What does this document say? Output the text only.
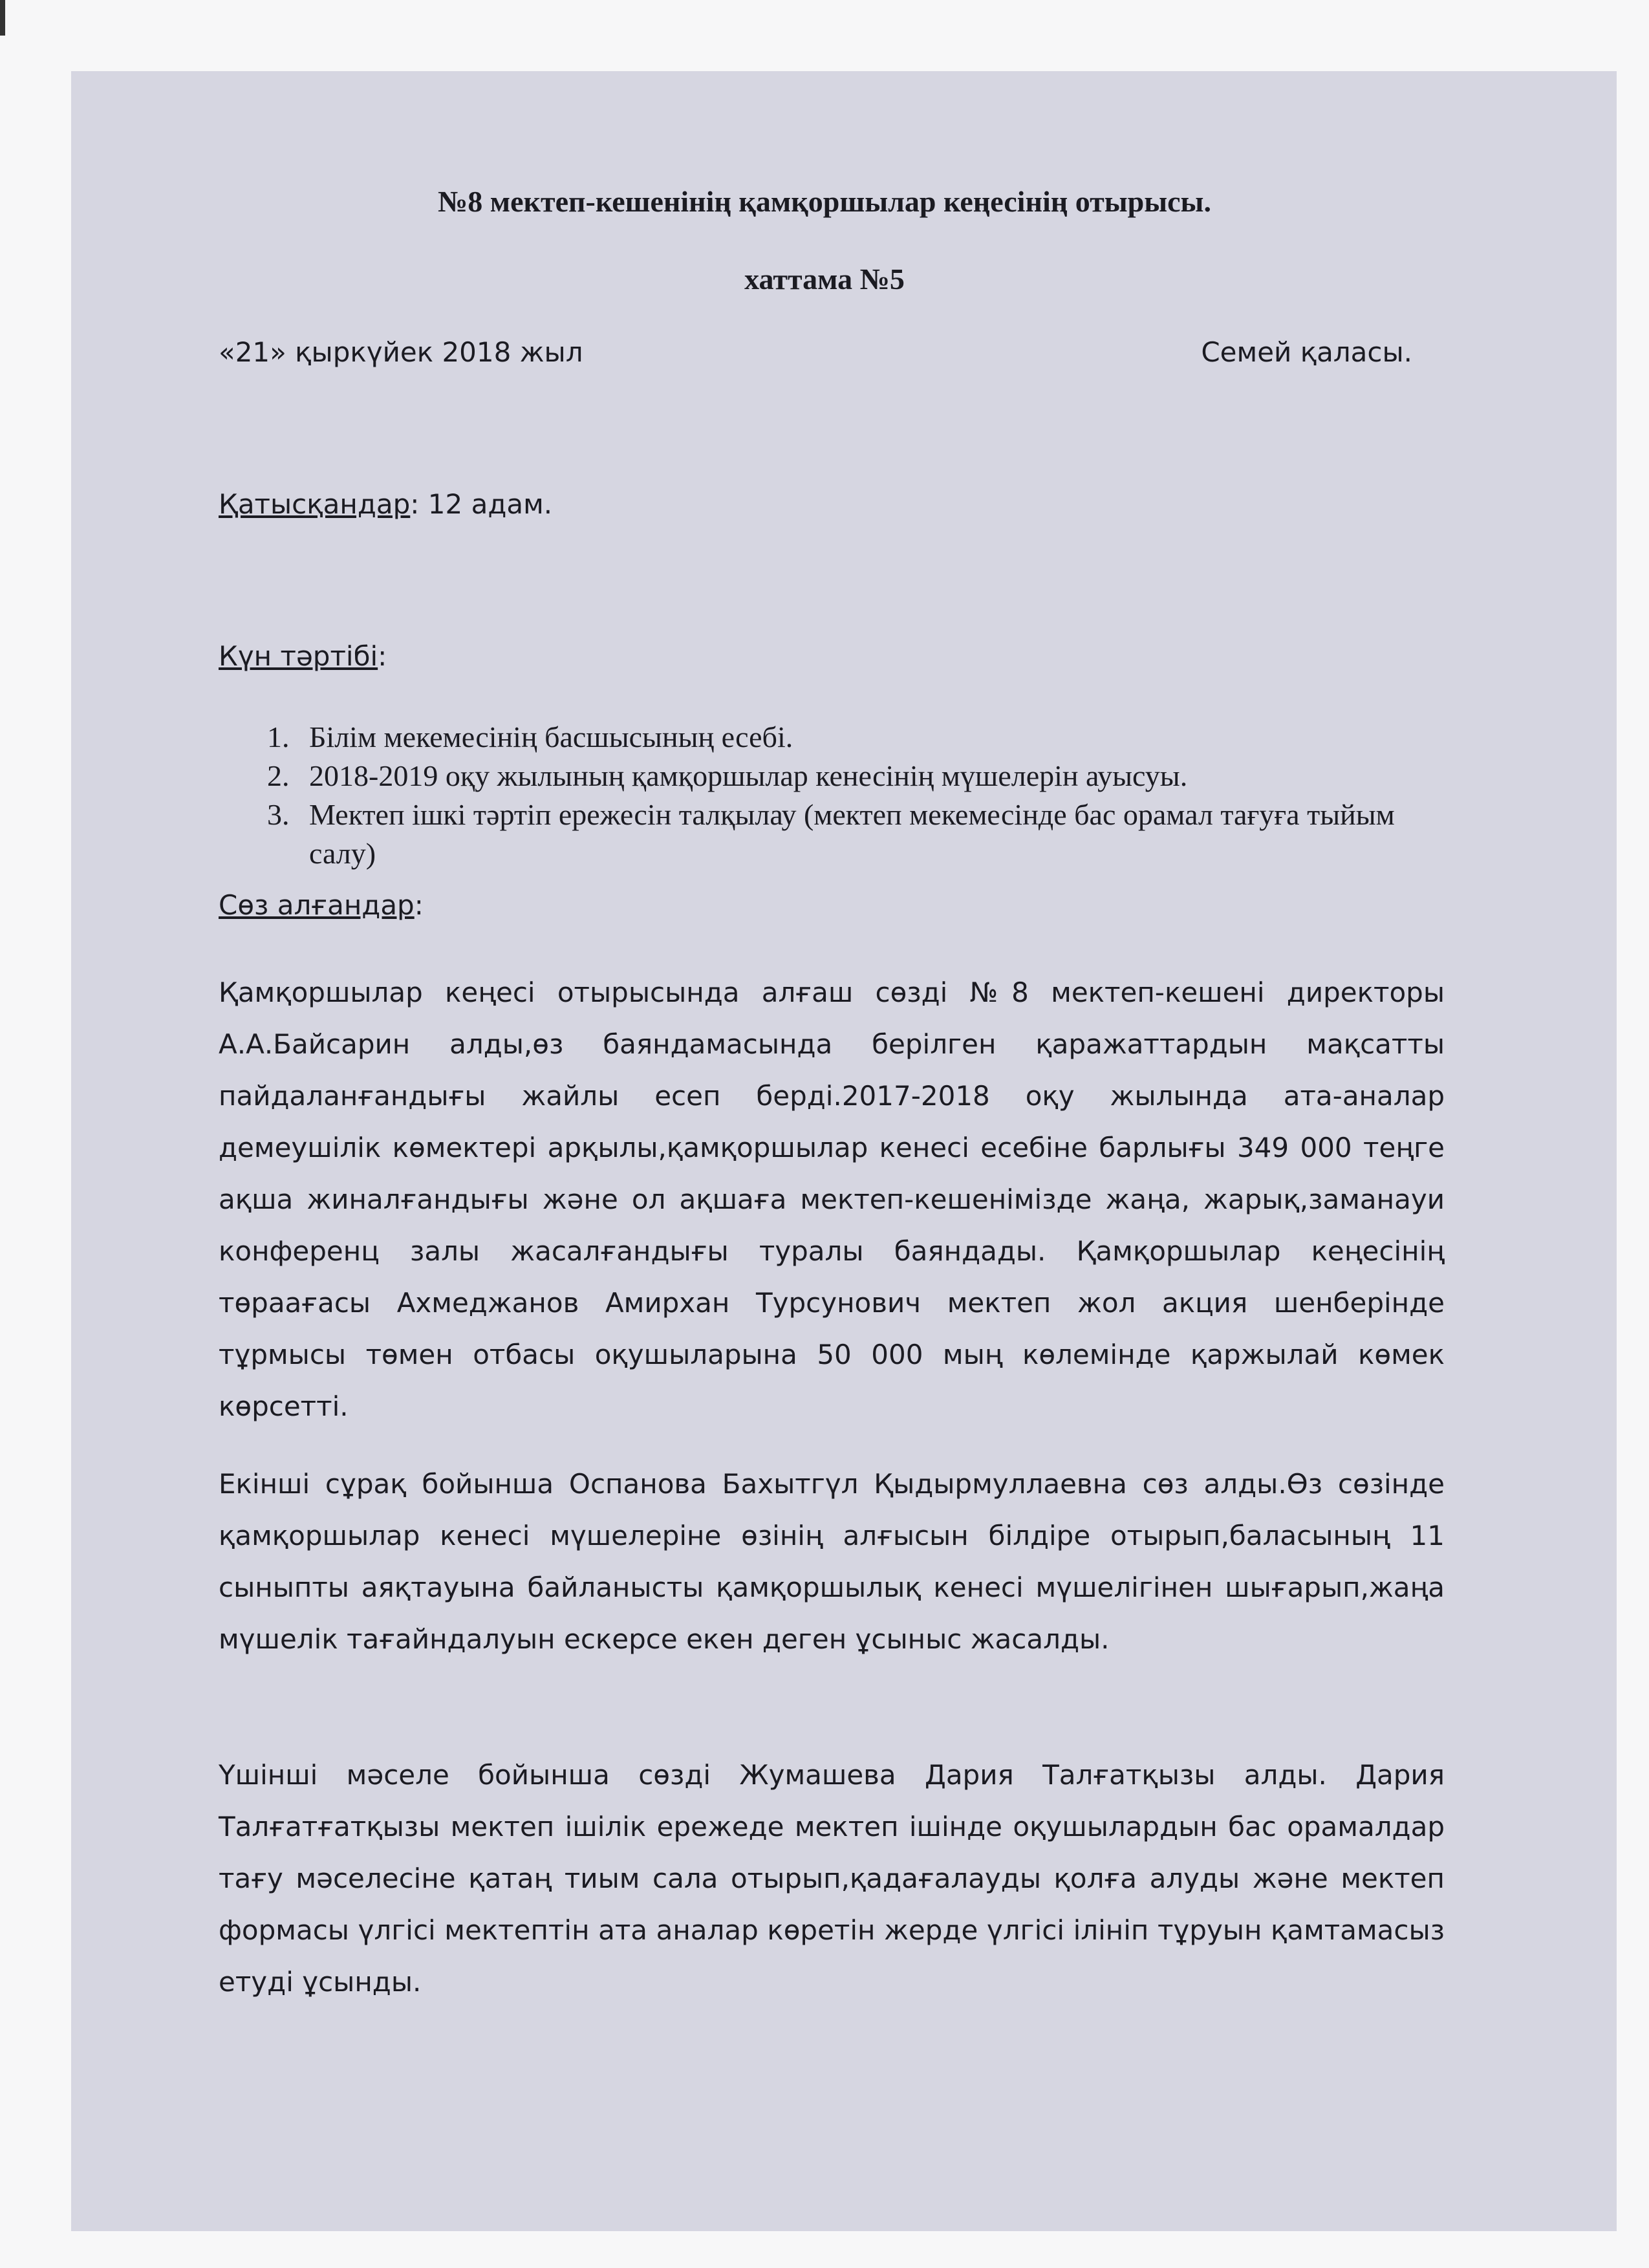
№8 мектеп-кешенінің қамқоршылар кеңесінің отырысы.
хаттама №5
«21» қыркүйек 2018 жыл	Семей қаласы.
Қатысқандар: 12 адам.
Күн тәртібі:
1. Білім мекемесінің басшысының есебі.
2. 2018-2019 оқу жылының қамқоршылар кенесінің мүшелерін ауысуы.
3. Мектеп ішкі тәртіп ережесін талқылау (мектеп мекемесінде бас орамал тағуға тыйым салу)
Сөз алғандар:

Қамқоршылар кеңесі отырысында алғаш сөзді №8 мектеп-кешені директоры А.А.Байсарин алды,өз баяндамасында берілген қаражаттардын мақсатты пайдаланғандығы жайлы есеп берді.2017-2018 оқу жылында ата-аналар демеушілік көмектері арқылы,қамқоршылар кенесі есебіне барлығы 349 000 теңге ақша жиналғандығы және ол ақшаға мектеп-кешенімізде жаңа, жарық,заманауи конференц залы жасалғандығы туралы баяндады. Қамқоршылар кеңесінің төраағасы Ахмеджанов Амирхан Турсунович мектеп жол акция шенберінде тұрмысы төмен отбасы оқушыларына 50 000 мың көлемінде қаржылай көмек көрсетті.

Екінші сұрақ бойынша Оспанова Бахытгүл Қыдырмуллаевна сөз алды.Өз сөзінде қамқоршылар кенесі мүшелеріне өзінің алғысын білдіре отырып,баласының 11 сыныпты аяқтауына байланысты қамқоршылық кенесі мүшелігінен шығарып,жаңа мүшелік тағайндалуын ескерсе екен деген ұсыныс жасалды.

Үшінші мәселе бойынша сөзді Жумашева Дария Талғатқызы алды. Дария Талғатғатқызы мектеп ішілік ережеде мектеп ішінде оқушылардын бас орамалдар тағу мәселесіне қатаң тиым сала отырып,қадағалауды қолға алуды және мектеп формасы үлгісі мектептін ата аналар көретін жерде үлгісі ілініп тұруын қамтамасыз етуді ұсынды.
